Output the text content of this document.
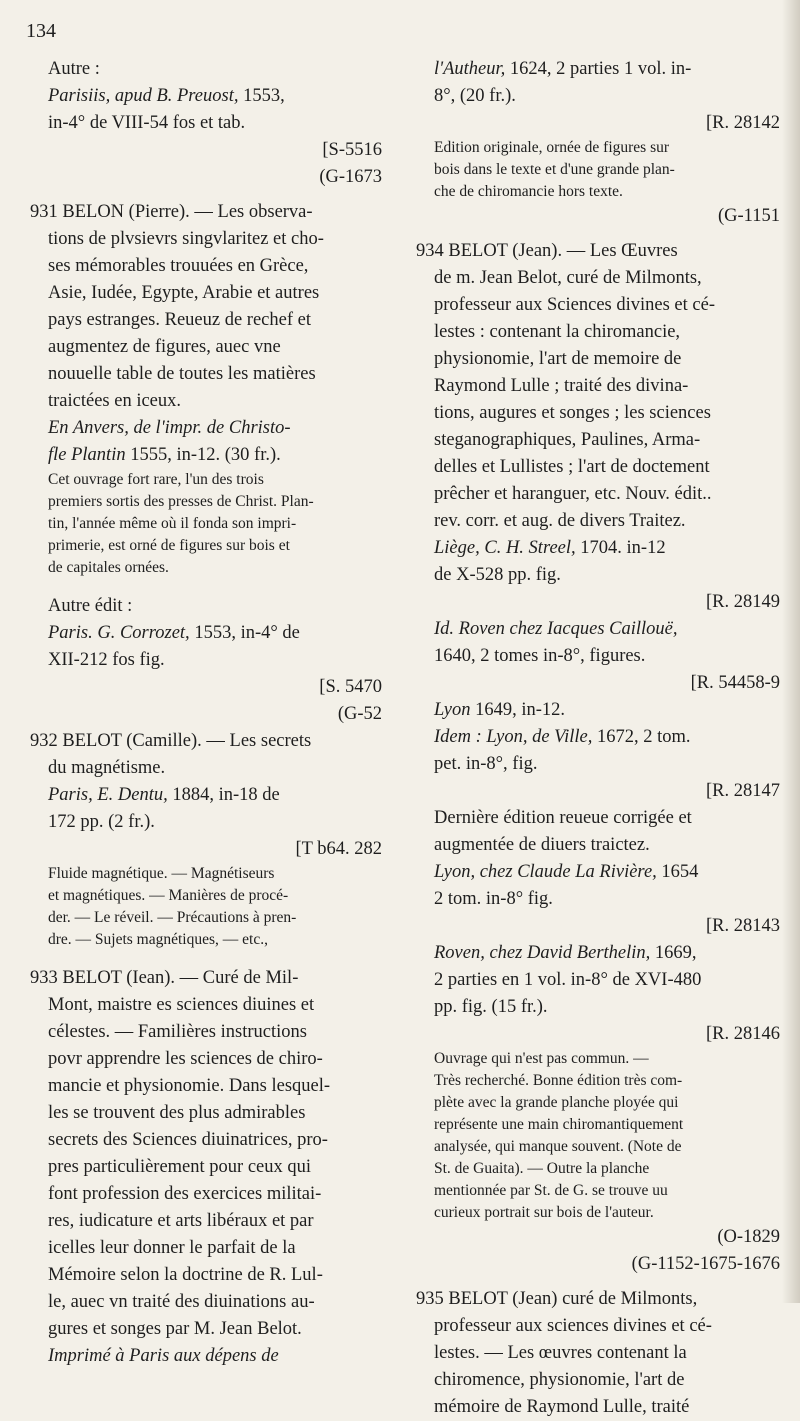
134
Autre :
Parisiis, apud B. Preuost, 1553,
in-4° de VIII-54 fos et tab.
[S-5516
(G-1673
931 BELON (Pierre). — Les observa-
tions de plvsievrs singvlaritez et cho-
ses mémorables trouuées en Grèce,
Asie, Iudée, Egypte, Arabie et autres
pays estranges. Reueuz de rechef et
augmentez de figures, auec vne
nouuelle table de toutes les matières
traictées en iceux.
En Anvers, de l'impr. de Christo-
fle Plantin 1555, in-12. (30 fr.).
Cet ouvrage fort rare, l'un des trois
premiers sortis des presses de Christ. Plan-
tin, l'année même où il fonda son impri-
primerie, est orné de figures sur bois et
de capitales ornées.
Autre édit :
Paris. G. Corrozet, 1553, in-4° de
XII-212 fos fig.
[S. 5470
(G-52
932 BELOT (Camille). — Les secrets
du magnétisme.
Paris, E. Dentu, 1884, in-18 de
172 pp. (2 fr.).
[T b64. 282
Fluide magnétique. — Magnétiseurs
et magnétiques. — Manières de procé-
der. — Le réveil. — Précautions à pren-
dre. — Sujets magnétiques, — etc.,
933 BELOT (Iean). — Curé de Mil-
Mont, maistre es sciences diuines et
célestes. — Familières instructions
povr apprendre les sciences de chiro-
mancie et physionomie. Dans lesquel-
les se trouvent des plus admirables
secrets des Sciences diuinatrices, pro-
pres particulièrement pour ceux qui
font profession des exercices militai-
res, iudicature et arts libéraux et par
icelles leur donner le parfait de la
Mémoire selon la doctrine de R. Lul-
le, auec vn traité des diuinations au-
gures et songes par M. Jean Belot.
Imprimé à Paris aux dépens de
l'Autheur, 1624, 2 parties 1 vol. in-
8°, (20 fr.).
[R. 28142
Edition originale, ornée de figures sur
bois dans le texte et d'une grande plan-
che de chiromancie hors texte.
(G-1151
934 BELOT (Jean). — Les Œuvres
de m. Jean Belot, curé de Milmonts,
professeur aux Sciences divines et cé-
lestes : contenant la chiromancie,
physionomie, l'art de memoire de
Raymond Lulle ; traité des divina-
tions, augures et songes ; les sciences
steganographiques, Paulines, Arma-
delles et Lullistes ; l'art de doctement
prêcher et haranguer, etc. Nouv. édit..
rev. corr. et aug. de divers Traitez.
Liège, C. H. Streel, 1704. in-12
de X-528 pp. fig.
[R. 28149
Id. Roven chez Iacques Caillouë,
1640, 2 tomes in-8°, figures.
[R. 54458-9
Lyon 1649, in-12.
Idem : Lyon, de Ville, 1672, 2 tom.
pet. in-8°, fig.
[R. 28147
Dernière édition reueue corrigée et
augmentée de diuers traictez.
Lyon, chez Claude La Rivière, 1654
2 tom. in-8° fig.
[R. 28143
Roven, chez David Berthelin, 1669,
2 parties en 1 vol. in-8° de XVI-480
pp. fig. (15 fr.).
[R. 28146
Ouvrage qui n'est pas commun. —
Très recherché. Bonne édition très com-
plète avec la grande planche ployée qui
représente une main chiromantiquement
analysée, qui manque souvent. (Note de
St. de Guaita). — Outre la planche
mentionnée par St. de G. se trouve uu
curieux portrait sur bois de l'auteur.
(O-1829
(G-1152-1675-1676
935 BELOT (Jean) curé de Milmonts,
professeur aux sciences divines et cé-
lestes. — Les œuvres contenant la
chiromence, physionomie, l'art de
mémoire de Raymond Lulle, traité
